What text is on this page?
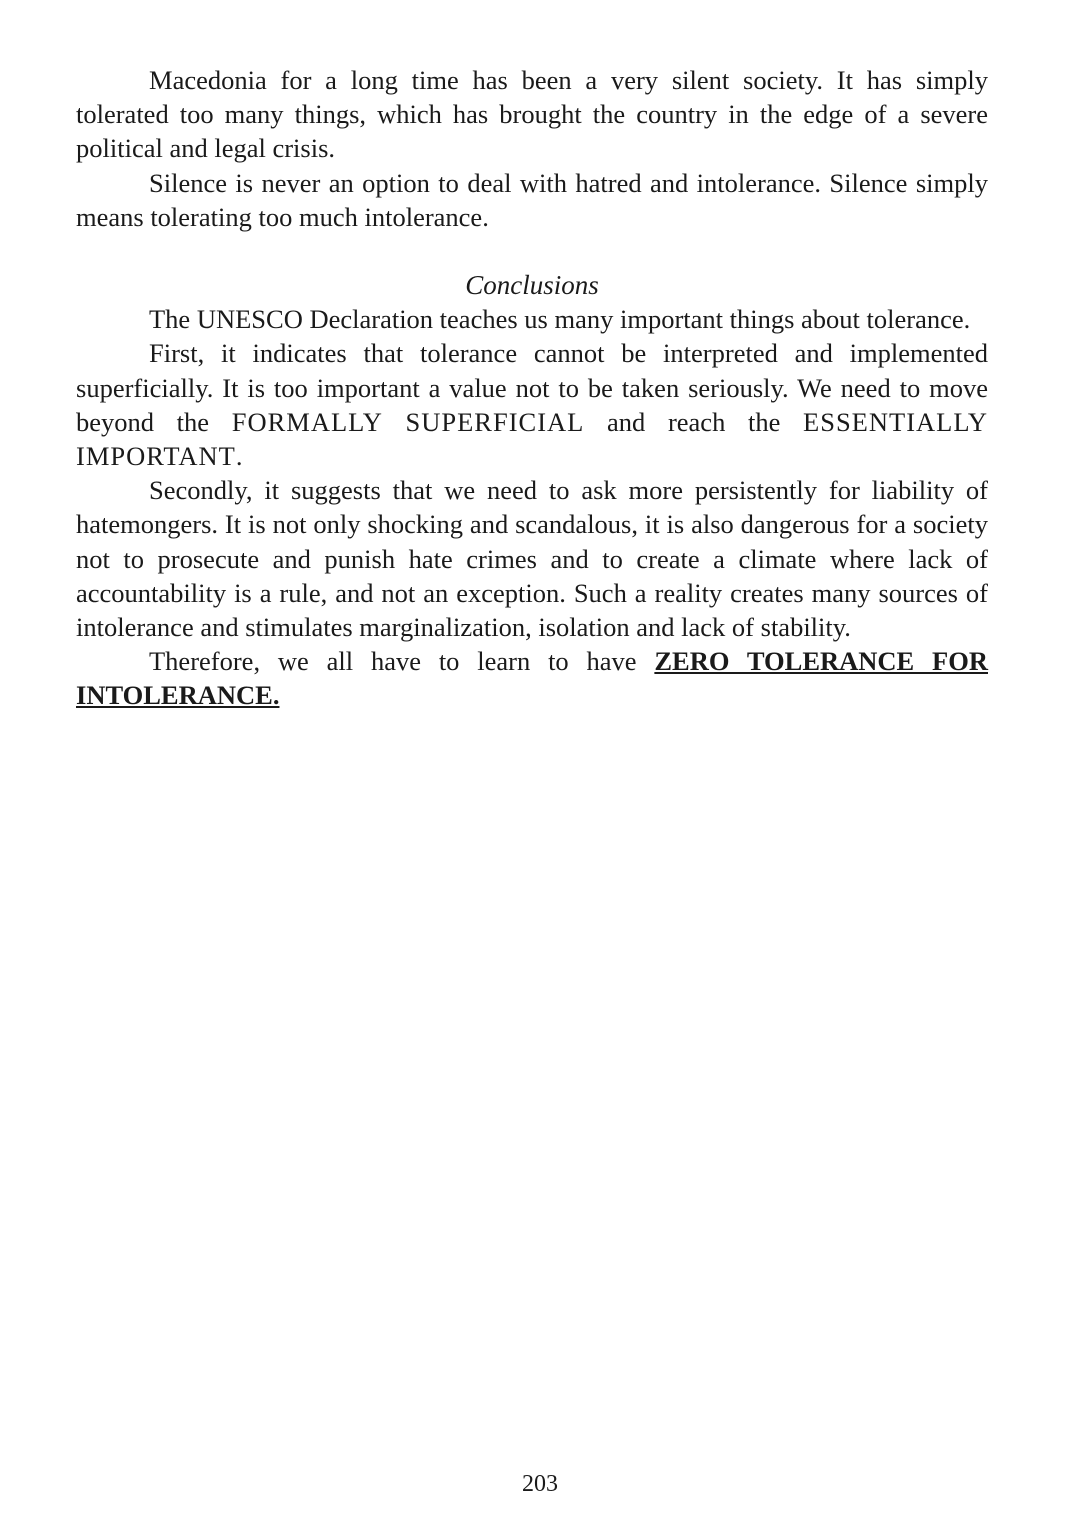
Macedonia for a long time has been a very silent society. It has simply tolerated too many things, which has brought the country in the edge of a severe political and legal crisis.

Silence is never an option to deal with hatred and intolerance. Silence simply means tolerating too much intolerance.

Conclusions

The UNESCO Declaration teaches us many important things about tolerance.

First, it indicates that tolerance cannot be interpreted and implemented superficially. It is too important a value not to be taken seriously. We need to move beyond the FORMALLY SUPERFICIAL and reach the ESSENTIALLY IMPORTANT.

Secondly, it suggests that we need to ask more persistently for liability of hatemongers. It is not only shocking and scandalous, it is also dangerous for a society not to prosecute and punish hate crimes and to create a climate where lack of accountability is a rule, and not an exception. Such a reality creates many sources of intolerance and stimulates marginalization, isolation and lack of stability.

Therefore, we all have to learn to have ZERO TOLERANCE FOR INTOLERANCE.

203
